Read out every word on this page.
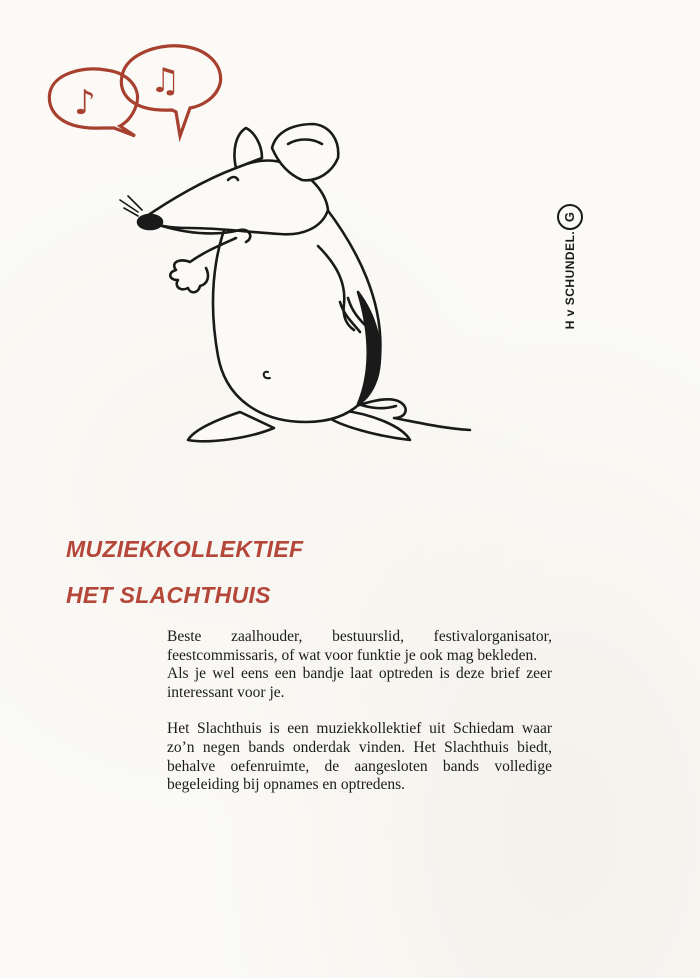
♪
♫
G
H v SCHUNDEL.
MUZIEKKOLLEKTIEF
HET SLACHTHUIS

Beste zaalhouder, bestuurslid, festivalorganisator, feestcommissaris, of wat voor funktie je ook mag bekleden.

Als je wel eens een bandje laat optreden is deze brief zeer interessant voor je.

Het Slachthuis is een muziekkollektief uit Schiedam waar zo’n negen bands onderdak vinden. Het Slachthuis biedt, behalve oefenruimte, de aangesloten bands volledige begeleiding bij opnames en optredens.
